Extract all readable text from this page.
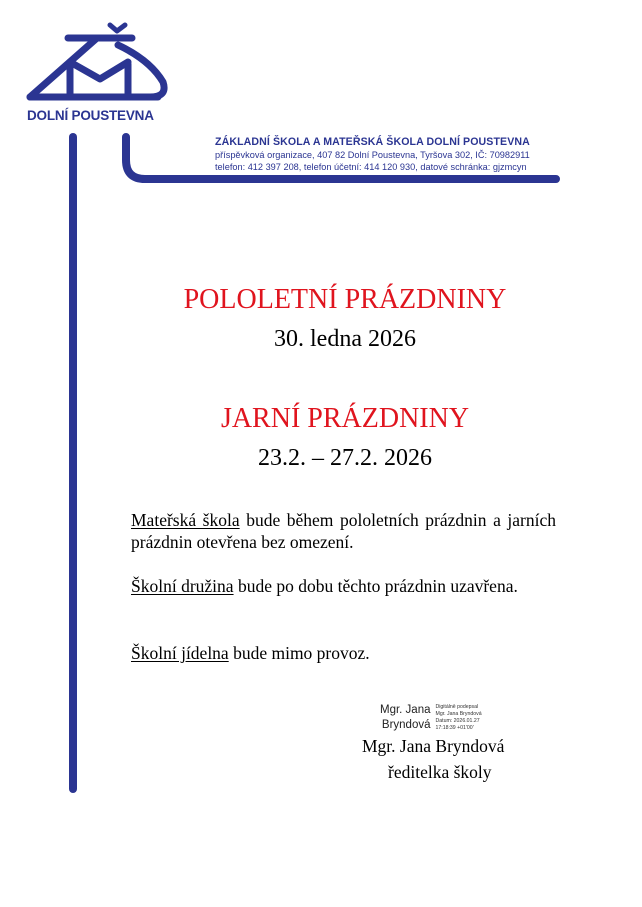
DOLNÍ POUSTEVNA
ZÁKLADNÍ ŠKOLA A MATEŘSKÁ ŠKOLA DOLNÍ POUSTEVNA
příspěvková organizace, 407 82 Dolní Poustevna, Tyršova 302, IČ: 70982911
telefon: 412 397 208, telefon účetní: 414 120 930, datové schránka: gjzmcyn
POLOLETNÍ PRÁZDNINY
30. ledna 2026
JARNÍ PRÁZDNINY
23.2. – 27.2. 2026
Mateřská škola bude během pololetních prázdnin a jarních prázdnin otevřena bez omezení.
Školní družina bude po dobu těchto prázdnin uzavřena.
Školní jídelna bude mimo provoz.
Mgr. Jana
Bryndová
Digitálně podepsal
Mgr. Jana Bryndová
Datum: 2026.01.27
17:18:39 +01'00'
Mgr. Jana Bryndová
ředitelka školy
